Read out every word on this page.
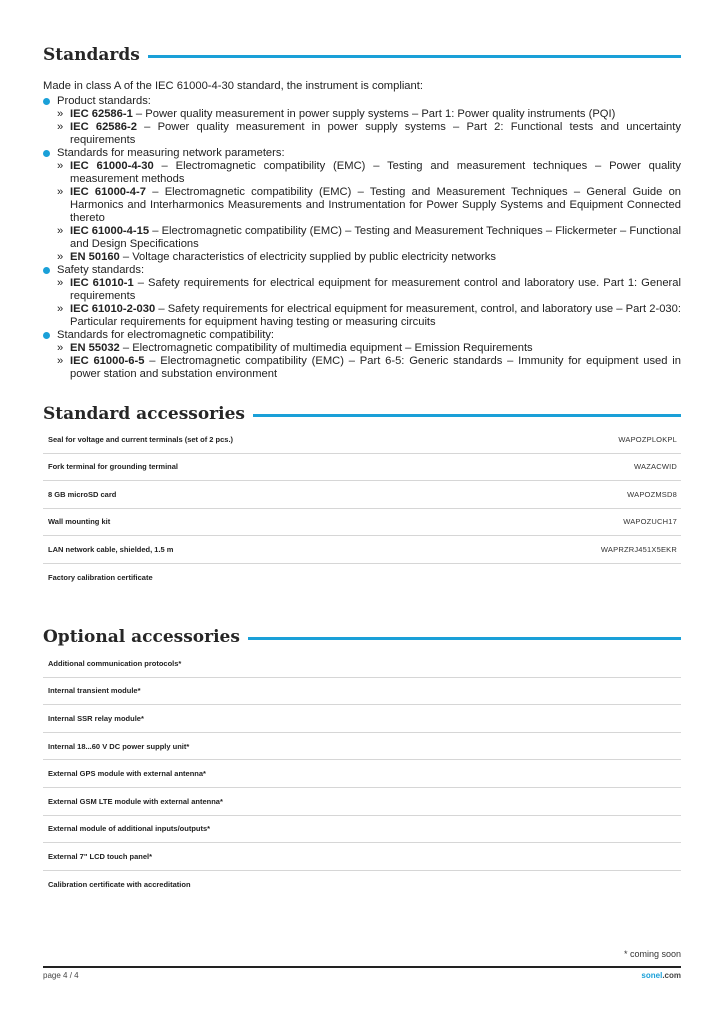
Standards

Made in class A of the IEC 61000-4-30 standard, the instrument is compliant:

Product standards:
» IEC 62586-1 – Power quality measurement in power supply systems – Part 1: Power quality instruments (PQI)
» IEC 62586-2 – Power quality measurement in power supply systems – Part 2: Functional tests and uncertainty requirements
Standards for measuring network parameters:
» IEC 61000-4-30 – Electromagnetic compatibility (EMC) – Testing and measurement techniques – Power quality measurement methods
» IEC 61000-4-7 – Electromagnetic compatibility (EMC) – Testing and Measurement Techniques – General Guide on Harmonics and Interharmonics Measurements and Instrumentation for Power Supply Systems and Equipment Connected thereto
» IEC 61000-4-15 – Electromagnetic compatibility (EMC) – Testing and Measurement Techniques – Flickermeter – Functional and Design Specifications
» EN 50160 – Voltage characteristics of electricity supplied by public electricity networks
Safety standards:
» IEC 61010-1 – Safety requirements for electrical equipment for measurement control and laboratory use. Part 1: General requirements
» IEC 61010-2-030 – Safety requirements for electrical equipment for measurement, control, and laboratory use – Part 2-030: Particular requirements for equipment having testing or measuring circuits
Standards for electromagnetic compatibility:
» EN 55032 – Electromagnetic compatibility of multimedia equipment – Emission Requirements
» IEC 61000-6-5 – Electromagnetic compatibility (EMC) – Part 6-5: Generic standards – Immunity for equipment used in power station and substation environment
Standard accessories
Seal for voltage and current terminals (set of 2 pcs.)	WAPOZPLOKPL
Fork terminal for grounding terminal	WAZACWID
8 GB microSD card	WAPOZMSD8
Wall mounting kit	WAPOZUCH17
LAN network cable, shielded, 1.5 m	WAPRZRJ451X5EKR
Factory calibration certificate
Optional accessories
Additional communication protocols*
Internal transient module*
Internal SSR relay module*
Internal 18...60 V DC power supply unit*
External GPS module with external antenna*
External GSM LTE module with external antenna*
External module of additional inputs/outputs*
External 7" LCD touch panel*
Calibration certificate with accreditation
* coming soon
page 4 / 4	sonel.com
